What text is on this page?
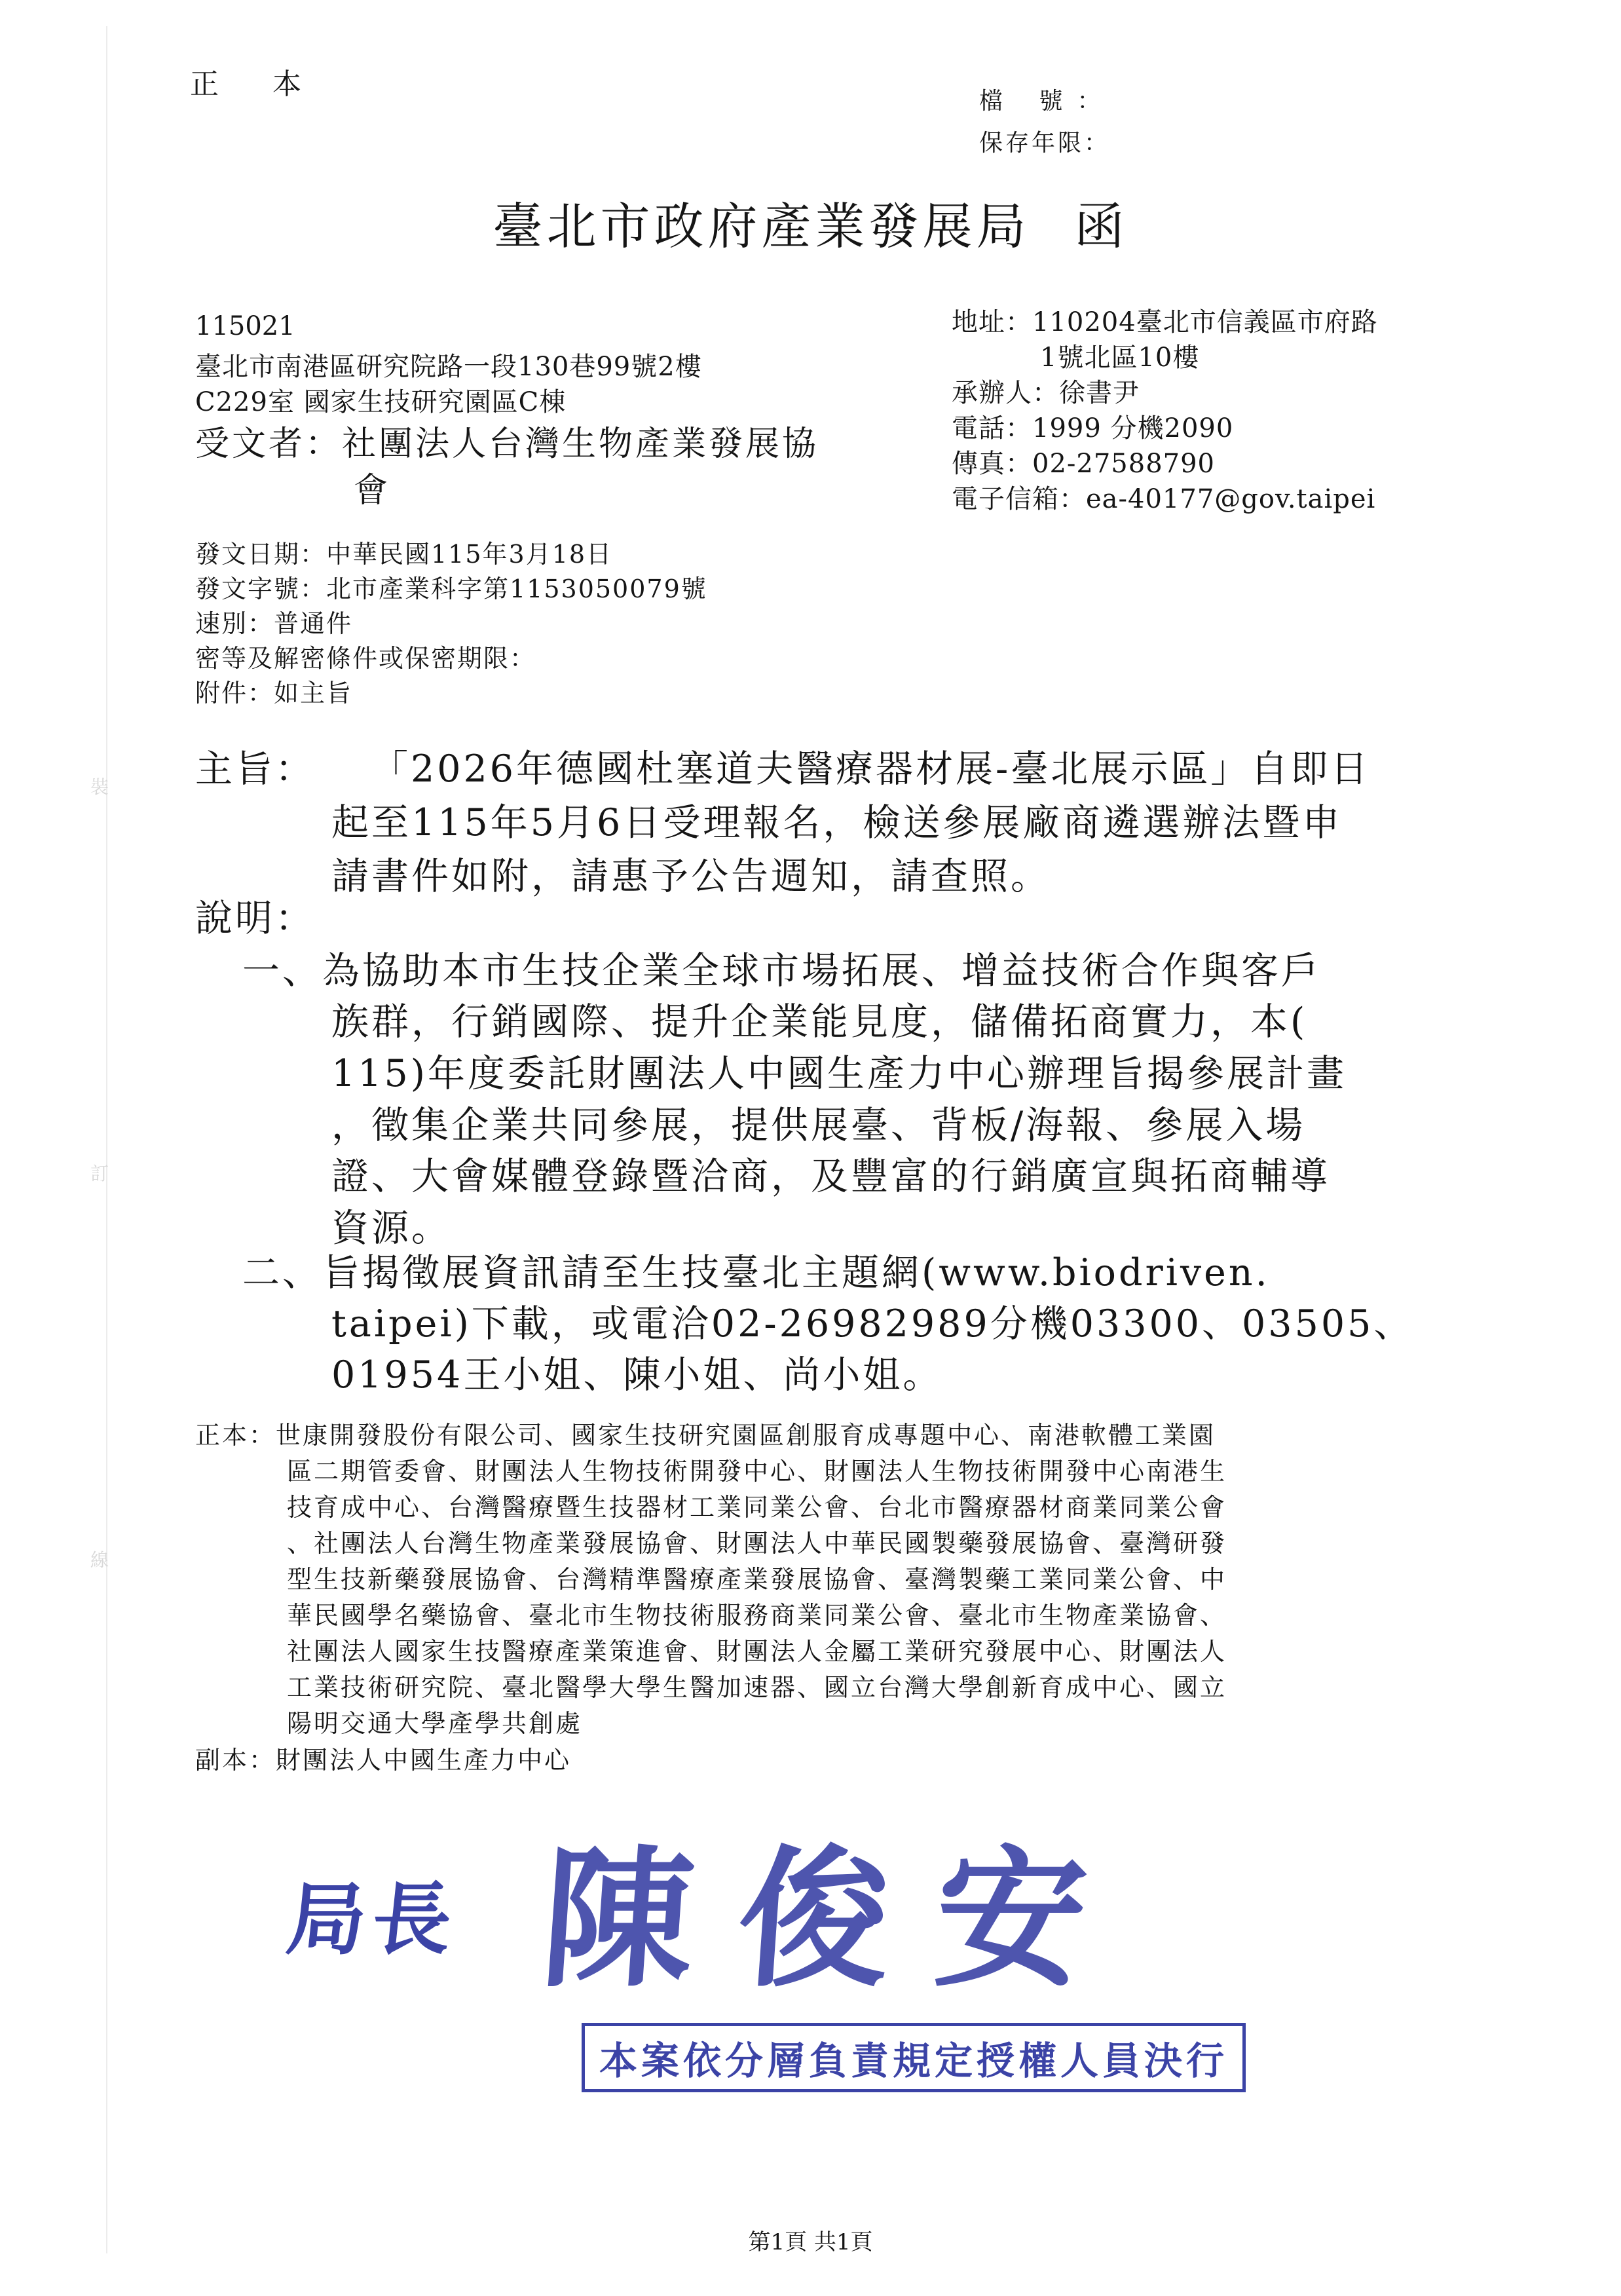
裝
訂
線
正 本
檔 號：
保存年限：
臺北市政府產業發展局 函
115021
臺北市南港區研究院路一段130巷99號2樓
C229室 國家生技研究園區C棟
受文者：社團法人台灣生物產業發展協
會
地址：110204臺北市信義區市府路
1號北區10樓
承辦人：徐書尹
電話：1999 分機2090
傳真：02-27588790
電子信箱：ea-40177@gov.taipei
發文日期：中華民國115年3月18日
發文字號：北市產業科字第1153050079號
速別：普通件
密等及解密條件或保密期限：
附件：如主旨
主旨： 「2026年德國杜塞道夫醫療器材展-臺北展示區」自即日
起至115年5月6日受理報名，檢送參展廠商遴選辦法暨申
請書件如附，請惠予公告週知，請查照。
說明：
一、為協助本市生技企業全球市場拓展、增益技術合作與客戶
族群，行銷國際、提升企業能見度，儲備拓商實力，本(
115)年度委託財團法人中國生產力中心辦理旨揭參展計畫
，徵集企業共同參展，提供展臺、背板/海報、參展入場
證、大會媒體登錄暨洽商，及豐富的行銷廣宣與拓商輔導
資源。
二、旨揭徵展資訊請至生技臺北主題網(www.biodriven.
taipei)下載，或電洽02-26982989分機03300、03505、
01954王小姐、陳小姐、尚小姐。
正本：世康開發股份有限公司、國家生技研究園區創服育成專題中心、南港軟體工業園
區二期管委會、財團法人生物技術開發中心、財團法人生物技術開發中心南港生
技育成中心、台灣醫療暨生技器材工業同業公會、台北市醫療器材商業同業公會
、社團法人台灣生物產業發展協會、財團法人中華民國製藥發展協會、臺灣研發
型生技新藥發展協會、台灣精準醫療產業發展協會、臺灣製藥工業同業公會、中
華民國學名藥協會、臺北市生物技術服務商業同業公會、臺北市生物產業協會、
社團法人國家生技醫療產業策進會、財團法人金屬工業研究發展中心、財團法人
工業技術研究院、臺北醫學大學生醫加速器、國立台灣大學創新育成中心、國立
陽明交通大學產學共創處
副本：財團法人中國生產力中心
局長 陳俊安
本案依分層負責規定授權人員決行
第1頁 共1頁
